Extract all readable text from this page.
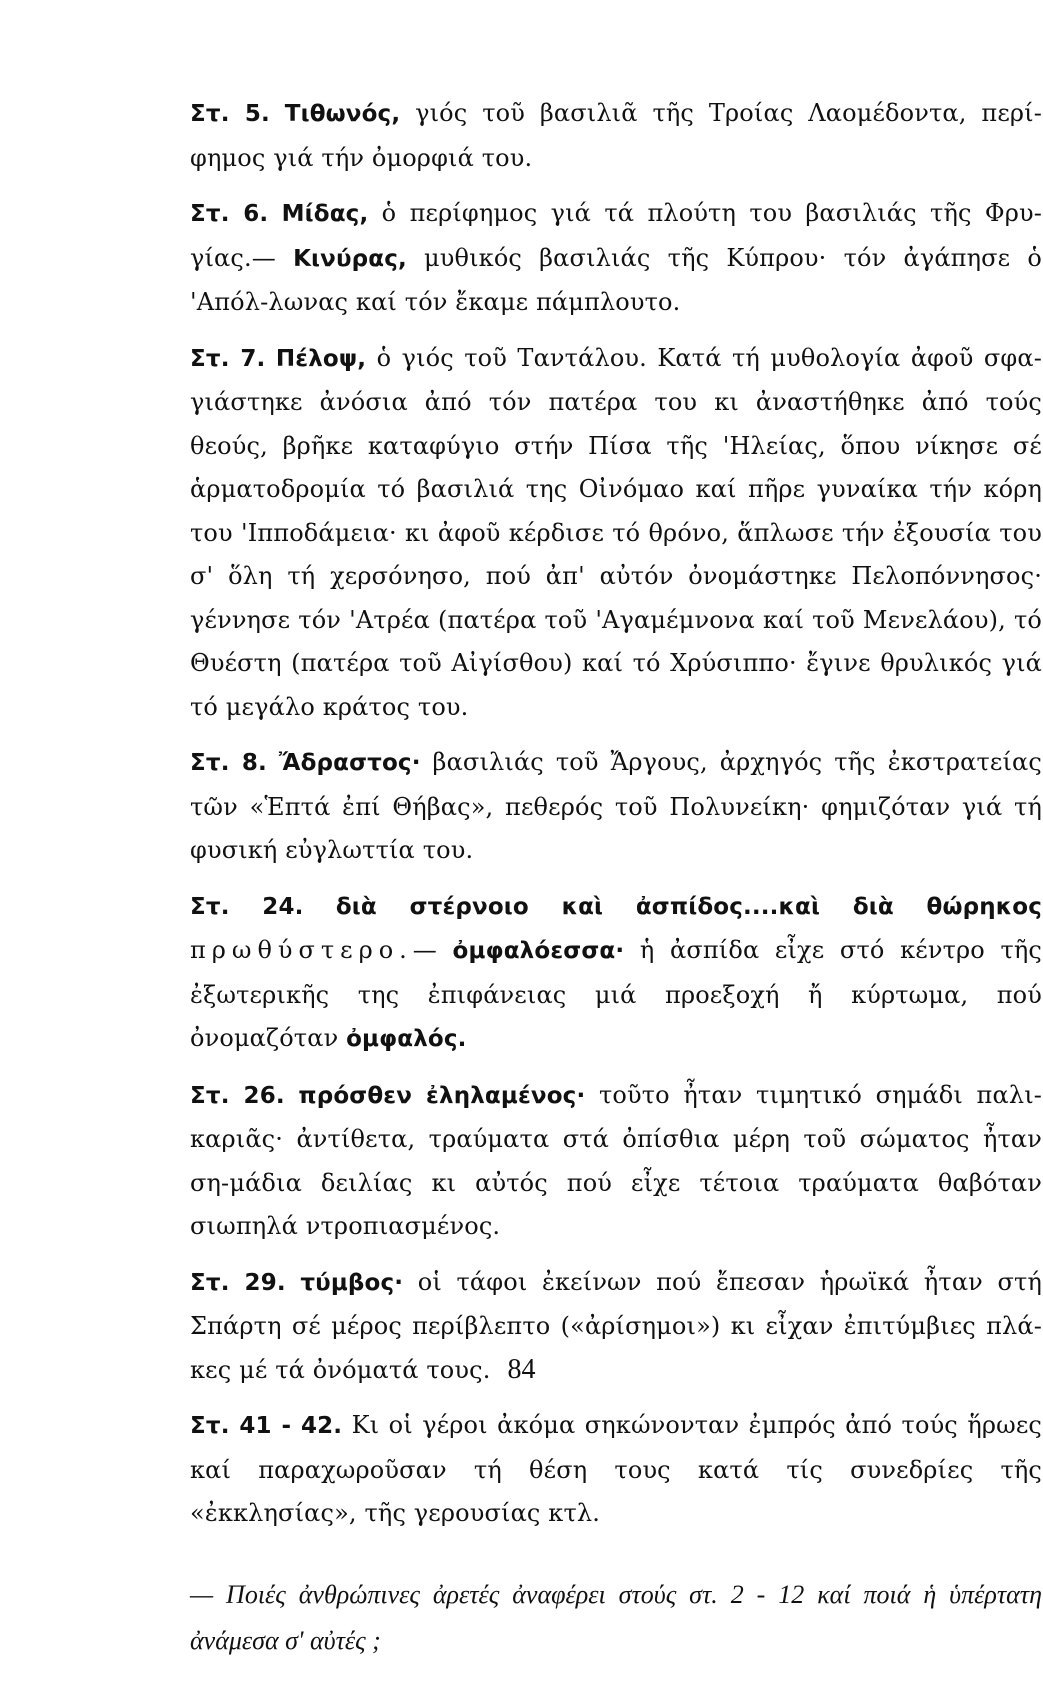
Στ. 5. Τιθωνός, γιός τοῦ βασιλιᾶ τῆς Τροίας Λαομέδοντα, περί-φημος γιά τήν ὀμορφιά του.

Στ. 6. Μίδας, ὁ περίφημος γιά τά πλούτη του βασιλιάς τῆς Φρυ-γίας.— Κινύρας, μυθικός βασιλιάς τῆς Κύπρου· τόν ἀγάπησε ὁ 'Απόλ-λωνας καί τόν ἔκαμε πάμπλουτο.

Στ. 7. Πέλοψ, ὁ γιός τοῦ Ταντάλου. Κατά τή μυθολογία ἀφοῦ σφα-γιάστηκε ἀνόσια ἀπό τόν πατέρα του κι ἀναστήθηκε ἀπό τούς θεούς, βρῆκε καταφύγιο στήν Πίσα τῆς 'Ηλείας, ὅπου νίκησε σέ ἁρματοδρομία τό βασιλιά της Οἰνόμαο καί πῆρε γυναίκα τήν κόρη του 'Ιπποδάμεια· κι ἀφοῦ κέρδισε τό θρόνο, ἅπλωσε τήν ἐξουσία του σ' ὅλη τή χερσόνησο, πού ἀπ' αὐτόν ὀνομάστηκε Πελοπόννησος· γέννησε τόν 'Ατρέα (πατέρα τοῦ 'Αγαμέμνονα καί τοῦ Μενελάου), τό Θυέστη (πατέρα τοῦ Αἰγίσθου) καί τό Χρύσιππο· ἔγινε θρυλικός γιά τό μεγάλο κράτος του.

Στ. 8. Ἄδραστος· βασιλιάς τοῦ Ἄργους, ἀρχηγός τῆς ἐκστρατείας τῶν «Ἑπτά ἐπί Θήβας», πεθερός τοῦ Πολυνείκη· φημιζόταν γιά τή φυσική εὐγλωττία του.

Στ. 24. διὰ στέρνοιο καὶ ἀσπίδος....καὶ διὰ θώρηκος πρωθύστερο.— ὀμφαλόεσσα· ἡ ἀσπίδα εἶχε στό κέντρο τῆς ἐξωτερικῆς της ἐπιφάνειας μιά προεξοχή ἤ κύρτωμα, πού ὀνομαζόταν ὀμφαλός.

Στ. 26. πρόσθεν ἐληλαμένος· τοῦτο ἦταν τιμητικό σημάδι παλι-καριᾶς· ἀντίθετα, τραύματα στά ὀπίσθια μέρη τοῦ σώματος ἦταν ση-μάδια δειλίας κι αὐτός πού εἶχε τέτοια τραύματα θαβόταν σιωπηλά ντροπιασμένος.

Στ. 29. τύμβος· οἱ τάφοι ἐκείνων πού ἔπεσαν ἡρωϊκά ἦταν στή Σπάρτη σέ μέρος περίβλεπτο («ἀρίσημοι») κι εἶχαν ἐπιτύμβιες πλά-κες μέ τά ὀνόματά τους.

Στ. 41 - 42. Κι οἱ γέροι ἀκόμα σηκώνονταν ἐμπρός ἀπό τούς ἥρωες καί παραχωροῦσαν τή θέση τους κατά τίς συνεδρίες τῆς «ἐκκλησίας», τῆς γερουσίας κτλ.

— Ποιές ἀνθρώπινες ἀρετές ἀναφέρει στούς στ. 2 - 12 καί ποιά ἡ ὑπέρτατη ἀνάμεσα σ' αὐτές ;

84
